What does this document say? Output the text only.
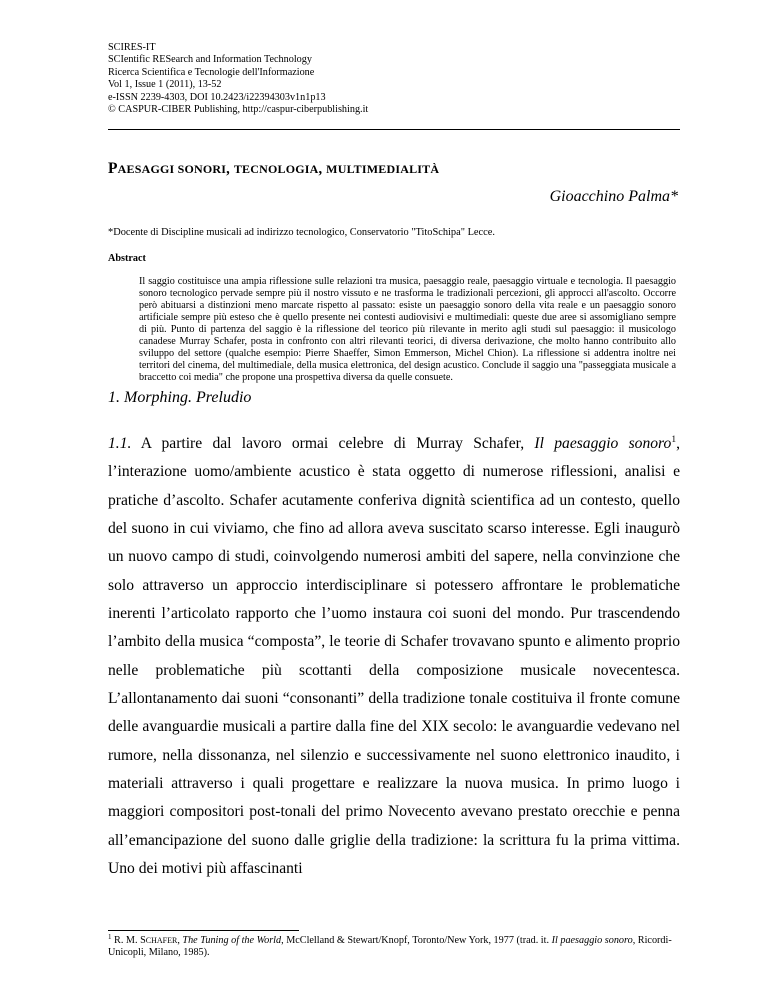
SCIRES-IT
SCIentific RESearch and Information Technology
Ricerca Scientifica e Tecnologie dell'Informazione
Vol 1, Issue 1 (2011), 13-52
e-ISSN 2239-4303, DOI 10.2423/i22394303v1n1p13
© CASPUR-CIBER Publishing, http://caspur-ciberpublishing.it
PAESAGGI SONORI, TECNOLOGIA, MULTIMEDIALITÀ
Gioacchino Palma*
*Docente di Discipline musicali ad indirizzo tecnologico, Conservatorio "TitoSchipa" Lecce.
Abstract
Il saggio costituisce una ampia riflessione sulle relazioni tra musica, paesaggio reale, paesaggio virtuale e tecnologia. Il paesaggio sonoro tecnologico pervade sempre più il nostro vissuto e ne trasforma le tradizionali percezioni, gli approcci all'ascolto. Occorre però abituarsi a distinzioni meno marcate rispetto al passato: esiste un paesaggio sonoro della vita reale e un paesaggio sonoro artificiale sempre più esteso che è quello presente nei contesti audiovisivi e multimediali: queste due aree si assomigliano sempre di più. Punto di partenza del saggio è la riflessione del teorico più rilevante in merito agli studi sul paesaggio: il musicologo canadese Murray Schafer, posta in confronto con altri rilevanti teorici, di diversa derivazione, che molto hanno contribuito allo sviluppo del settore (qualche esempio: Pierre Shaeffer, Simon Emmerson, Michel Chion). La riflessione si addentra inoltre nei territori del cinema, del multimediale, della musica elettronica, del design acustico. Conclude il saggio una "passeggiata musicale a braccetto coi media" che propone una prospettiva diversa da quelle consuete.
1. Morphing. Preludio
1.1. A partire dal lavoro ormai celebre di Murray Schafer, Il paesaggio sonoro$^1$, l’interazione uomo/ambiente acustico è stata oggetto di numerose riflessioni, analisi e pratiche d’ascolto. Schafer acutamente conferiva dignità scientifica ad un contesto, quello del suono in cui viviamo, che fino ad allora aveva suscitato scarso interesse. Egli inaugurò un nuovo campo di studi, coinvolgendo numerosi ambiti del sapere, nella convinzione che solo attraverso un approccio interdisciplinare si potessero affrontare le problematiche inerenti l’articolato rapporto che l’uomo instaura coi suoni del mondo. Pur trascendendo l’ambito della musica “composta”, le teorie di Schafer trovavano spunto e alimento proprio nelle problematiche più scottanti della composizione musicale novecentesca. L’allontanamento dai suoni “consonanti” della tradizione tonale costituiva il fronte comune delle avanguardie musicali a partire dalla fine del XIX secolo: le avanguardie vedevano nel rumore, nella dissonanza, nel silenzio e successivamente nel suono elettronico inaudito, i materiali attraverso i quali progettare e realizzare la nuova musica. In primo luogo i maggiori compositori post-tonali del primo Novecento avevano prestato orecchie e penna all’emancipazione del suono dalle griglie della tradizione: la scrittura fu la prima vittima. Uno dei motivi più affascinanti
$^1$ R. M. SCHAFER, The Tuning of the World, McClelland & Stewart/Knopf, Toronto/New York, 1977 (trad. it. Il paesaggio sonoro, Ricordi-Unicopli, Milano, 1985).
